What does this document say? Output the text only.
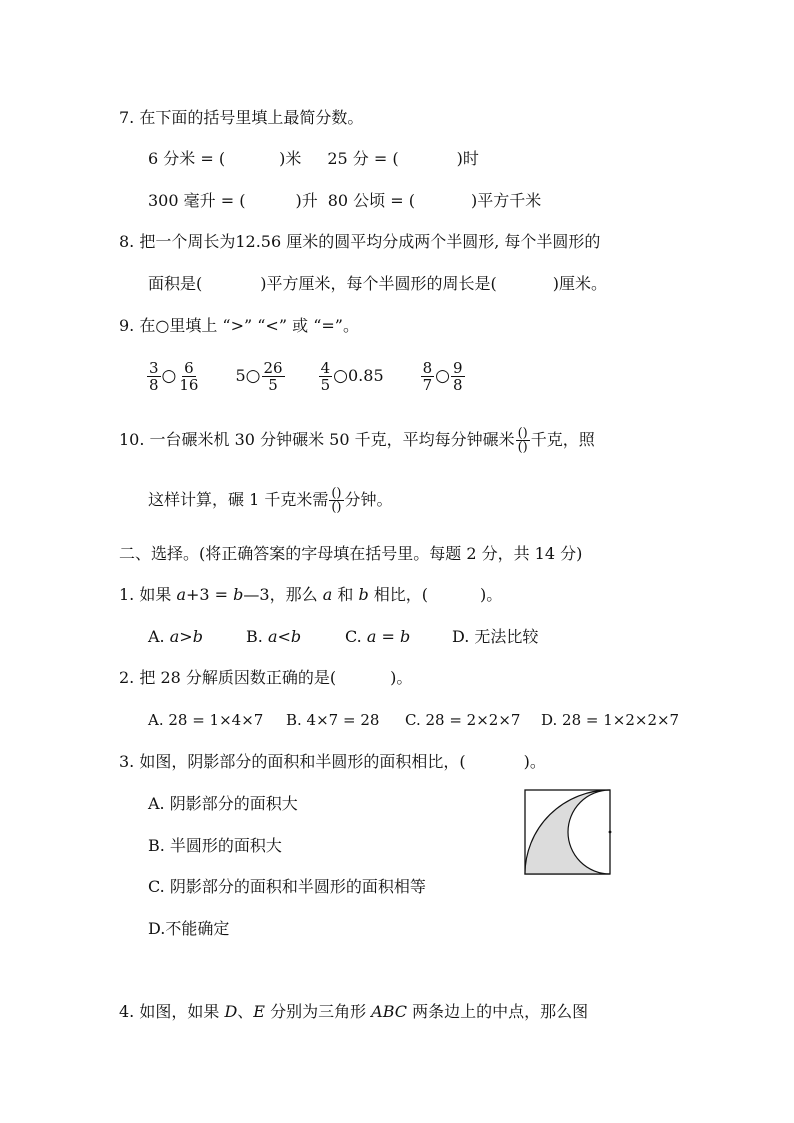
7. 在下面的括号里填上最简分数。
6 分米 = (	)米 25 分 = (	)时
300 毫升 = (	)升 80 公顷 = (	)平方千米
8. 把一个周长为12.56 厘米的圆平均分成两个半圆形, 每个半圆形的
面积是(	)平方厘米，每个半圆形的周长是(	)厘米。
9. 在○里填上 “>” “<” 或 “=”。
$\frac{3}{8}$ ○ $\frac{6}{16} 5$ ○ $\frac{26}{5} \frac{4}{5}$ ○ $0.85 \frac{8}{7}$ ○ $\frac{9}{8}$
10. 一台碾米机 30 分钟碾米 50 千克，平均每分钟碾米 $\frac{()}{()}$ 千克，照
这样计算，碾 1 千克米需 $\frac{()}{()}$ 分钟。
二、选择。(将正确答案的字母填在括号里。每题 2 分，共 14 分)
1. 如果 a+3 = b—3，那么 a 和 b 相比，(	)。
A. a>b	B. a<b	C. a = b	D. 无法比较
2. 把 28 分解质因数正确的是(	)。
A. 28 = 1×4×7 B. 4×7 = 28 C. 28 = 2×2×7 D. 28 = 1×2×2×7
3. 如图，阴影部分的面积和半圆形的面积相比，(	)。
A. 阴影部分的面积大
B. 半圆形的面积大
C. 阴影部分的面积和半圆形的面积相等
D.不能确定
4. 如图，如果 D、E 分别为三角形 ABC 两条边上的中点，那么图
